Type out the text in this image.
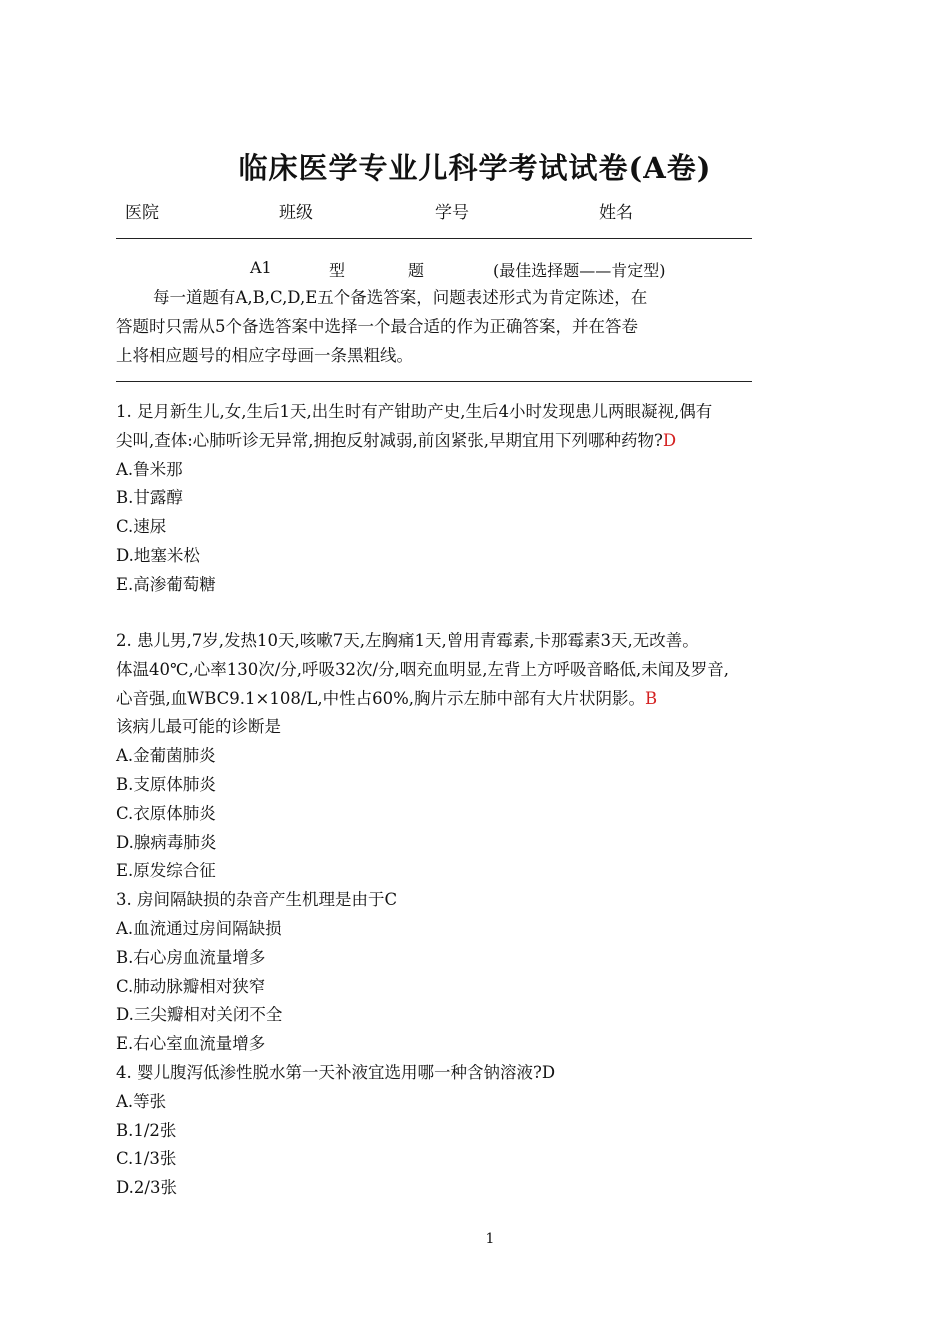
临床医学专业儿科学考试试卷(A卷)
医院	班级	学号	姓名
A1	型	题	(最佳选择题——肯定型)
每一道题有A,B,C,D,E五个备选答案，问题表述形式为肯定陈述，在
答题时只需从5个备选答案中选择一个最合适的作为正确答案，并在答卷
上将相应题号的相应字母画一条黑粗线。
1. 足月新生儿,女,生后1天,出生时有产钳助产史,生后4小时发现患儿两眼凝视,偶有
尖叫,查体:心肺听诊无异常,拥抱反射减弱,前囟紧张,早期宜用下列哪种药物?D
A.鲁米那
B.甘露醇
C.速尿
D.地塞米松
E.高渗葡萄糖
2. 患儿男,7岁,发热10天,咳嗽7天,左胸痛1天,曾用青霉素,卡那霉素3天,无改善。
体温40℃,心率130次/分,呼吸32次/分,咽充血明显,左背上方呼吸音略低,未闻及罗音,
心音强,血WBC9.1×108/L,中性占60%,胸片示左肺中部有大片状阴影。B
该病儿最可能的诊断是
A.金葡菌肺炎
B.支原体肺炎
C.衣原体肺炎
D.腺病毒肺炎
E.原发综合征
3. 房间隔缺损的杂音产生机理是由于C
A.血流通过房间隔缺损
B.右心房血流量增多
C.肺动脉瓣相对狭窄
D.三尖瓣相对关闭不全
E.右心室血流量增多
4. 婴儿腹泻低渗性脱水第一天补液宜选用哪一种含钠溶液?D
A.等张
B.1/2张
C.1/3张
D.2/3张
1
